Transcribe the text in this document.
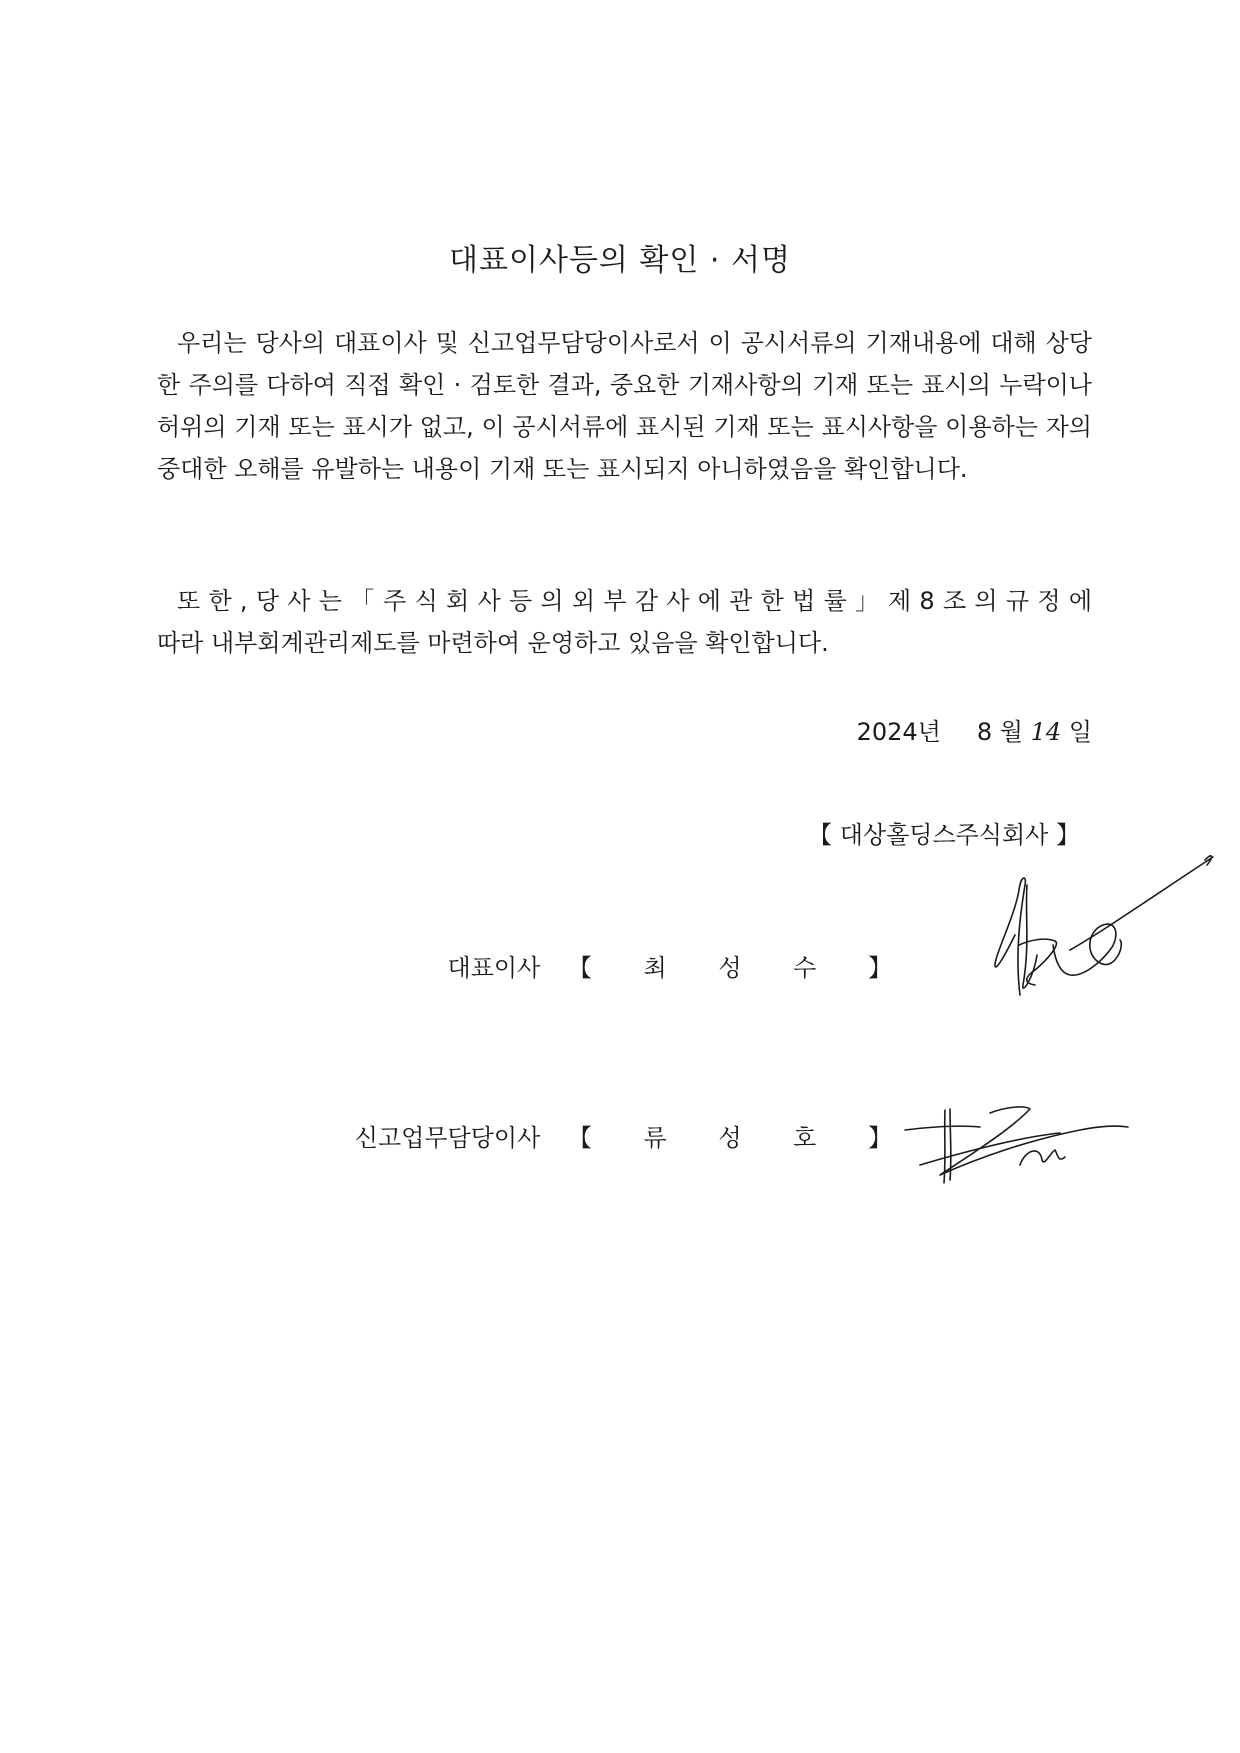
대표이사등의 확인 · 서명

우리는 당사의 대표이사 및 신고업무담당이사로서 이 공시서류의 기재내용에 대해 상당한 주의를 다하여 직접 확인 · 검토한 결과, 중요한 기재사항의 기재 또는 표시의 누락이나 허위의 기재 또는 표시가 없고, 이 공시서류에 표시된 기재 또는 표시사항을 이용하는 자의 중대한 오해를 유발하는 내용이 기재 또는 표시되지 아니하였음을 확인합니다.

또 한 , 당 사 는 「 주 식 회 사 등 의 외 부 감 사 에 관 한 법 률 」 제 8 조 의 규 정 에 따라 내부회계관리제도를 마련하여 운영하고 있음을 확인합니다.

2024년 8 월 14 일
【 대상홀딩스주식회사 】
대표이사 【 최 성 수 】
신고업무담당이사 【 류 성 호 】
